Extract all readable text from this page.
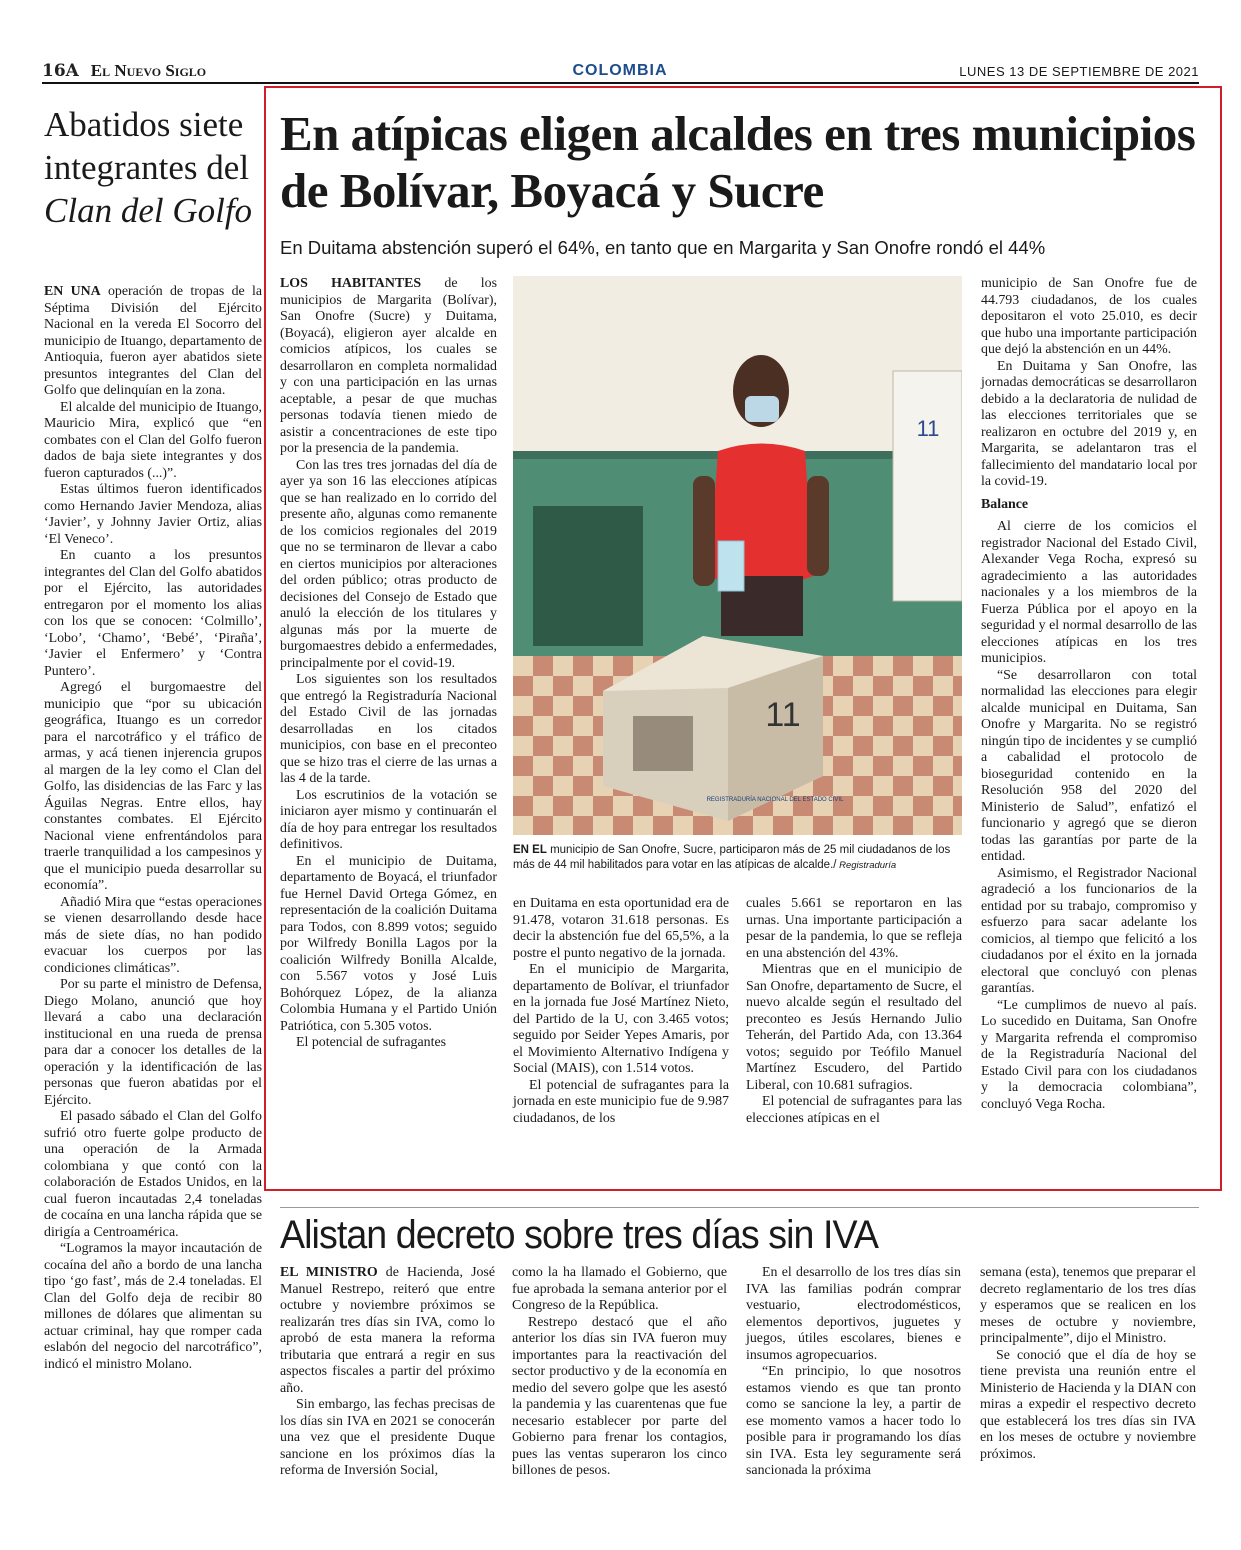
16A El Nuevo Siglo	COLOMBIA	LUNES 13 DE SEPTIEMBRE DE 2021
Abatidos siete integrantes del Clan del Golfo

EN UNA operación de tropas de la Séptima División del Ejército Nacional en la vereda El Socorro del municipio de Ituango, departamento de Antioquia, fueron ayer abatidos siete presuntos integrantes del Clan del Golfo que delinquían en la zona.

El alcalde del municipio de Ituango, Mauricio Mira, explicó que “en combates con el Clan del Golfo fueron dados de baja siete integrantes y dos fueron capturados (...)”.

Estas últimos fueron identificados como Hernando Javier Mendoza, alias ‘Javier’, y Johnny Javier Ortiz, alias ‘El Veneco’.

En cuanto a los presuntos integrantes del Clan del Golfo abatidos por el Ejército, las autoridades entregaron por el momento los alias con los que se conocen: ‘Colmillo’, ‘Lobo’, ‘Chamo’, ‘Bebé’, ‘Piraña’, ‘Javier el Enfermero’ y ‘Contra Puntero’.

Agregó el burgomaestre del municipio que “por su ubicación geográfica, Ituango es un corredor para el narcotráfico y el tráfico de armas, y acá tienen injerencia grupos al margen de la ley como el Clan del Golfo, las disidencias de las Farc y las Águilas Negras. Entre ellos, hay constantes combates. El Ejército Nacional viene enfrentándolos para traerle tranquilidad a los campesinos y que el municipio pueda desarrollar su economía”.

Añadió Mira que “estas operaciones se vienen desarrollando desde hace más de siete días, no han podido evacuar los cuerpos por las condiciones climáticas”.

Por su parte el ministro de Defensa, Diego Molano, anunció que hoy llevará a cabo una declaración institucional en una rueda de prensa para dar a conocer los detalles de la operación y la identificación de las personas que fueron abatidas por el Ejército.

El pasado sábado el Clan del Golfo sufrió otro fuerte golpe producto de una operación de la Armada colombiana y que contó con la colaboración de Estados Unidos, en la cual fueron incautadas 2,4 toneladas de cocaína en una lancha rápida que se dirigía a Centroamérica.

“Logramos la mayor incautación de cocaína del año a bordo de una lancha tipo ‘go fast’, más de 2.4 toneladas. El Clan del Golfo deja de recibir 80 millones de dólares que alimentan su actuar criminal, hay que romper cada eslabón del negocio del narcotráfico”, indicó el ministro Molano.

En atípicas eligen alcaldes en tres municipios de Bolívar, Boyacá y Sucre
En Duitama abstención superó el 64%, en tanto que en Margarita y San Onofre rondó el 44%

LOS HABITANTES de los municipios de Margarita (Bolívar), San Onofre (Sucre) y Duitama, (Boyacá), eligieron ayer alcalde en comicios atípicos, los cuales se desarrollaron en completa normalidad y con una participación en las urnas aceptable, a pesar de que muchas personas todavía tienen miedo de asistir a concentraciones de este tipo por la presencia de la pandemia.

Con las tres tres jornadas del día de ayer ya son 16 las elecciones atípicas que se han realizado en lo corrido del presente año, algunas como remanente de los comicios regionales del 2019 que no se terminaron de llevar a cabo en ciertos municipios por alteraciones del orden público; otras producto de decisiones del Consejo de Estado que anuló la elección de los titulares y algunas más por la muerte de burgomaestres debido a enfermedades, principalmente por el covid-19.

Los siguientes son los resultados que entregó la Registraduría Nacional del Estado Civil de las jornadas desarrolladas en los citados municipios, con base en el preconteo que se hizo tras el cierre de las urnas a las 4 de la tarde.

Los escrutinios de la votación se iniciaron ayer mismo y continuarán el día de hoy para entregar los resultados definitivos.

En el municipio de Duitama, departamento de Boyacá, el triunfador fue Hernel David Ortega Gómez, en representación de la coalición Duitama para Todos, con 8.899 votos; seguido por Wilfredy Bonilla Lagos por la coalición Wilfredy Bonilla Alcalde, con 5.567 votos y José Luis Bohórquez López, de la alianza Colombia Humana y el Partido Unión Patriótica, con 5.305 votos.

El potencial de sufragantes

11
11
REGISTRADURÍA NACIONAL DEL ESTADO CIVIL
EN EL municipio de San Onofre, Sucre, participaron más de 25 mil ciudadanos de los más de 44 mil habilitados para votar en las atípicas de alcalde./ Registraduría

en Duitama en esta oportunidad era de 91.478, votaron 31.618 personas. Es decir la abstención fue del 65,5%, a la postre el punto negativo de la jornada.

En el municipio de Margarita, departamento de Bolívar, el triunfador en la jornada fue José Martínez Nieto, del Partido de la U, con 3.465 votos; seguido por Seider Yepes Amaris, por el Movimiento Alternativo Indígena y Social (MAIS), con 1.514 votos.

El potencial de sufragantes para la jornada en este municipio fue de 9.987 ciudadanos, de los

cuales 5.661 se reportaron en las urnas. Una importante participación a pesar de la pandemia, lo que se refleja en una abstención del 43%.

Mientras que en el municipio de San Onofre, departamento de Sucre, el nuevo alcalde según el resultado del preconteo es Jesús Hernando Julio Teherán, del Partido Ada, con 13.364 votos; seguido por Teófilo Manuel Martínez Escudero, del Partido Liberal, con 10.681 sufragios.

El potencial de sufragantes para las elecciones atípicas en el

municipio de San Onofre fue de 44.793 ciudadanos, de los cuales depositaron el voto 25.010, es decir que hubo una importante participación que dejó la abstención en un 44%.

En Duitama y San Onofre, las jornadas democráticas se desarrollaron debido a la declaratoria de nulidad de las elecciones territoriales que se realizaron en octubre del 2019 y, en Margarita, se adelantaron tras el fallecimiento del mandatario local por la covid-19.

Balance

Al cierre de los comicios el registrador Nacional del Estado Civil, Alexander Vega Rocha, expresó su agradecimiento a las autoridades nacionales y a los miembros de la Fuerza Pública por el apoyo en la seguridad y el normal desarrollo de las elecciones atípicas en los tres municipios.

“Se desarrollaron con total normalidad las elecciones para elegir alcalde municipal en Duitama, San Onofre y Margarita. No se registró ningún tipo de incidentes y se cumplió a cabalidad el protocolo de bioseguridad contenido en la Resolución 958 del 2020 del Ministerio de Salud”, enfatizó el funcionario y agregó que se dieron todas las garantías por parte de la entidad.

Asimismo, el Registrador Nacional agradeció a los funcionarios de la entidad por su trabajo, compromiso y esfuerzo para sacar adelante los comicios, al tiempo que felicitó a los ciudadanos por el éxito en la jornada electoral que concluyó con plenas garantías.

“Le cumplimos de nuevo al país. Lo sucedido en Duitama, San Onofre y Margarita refrenda el compromiso de la Registraduría Nacional del Estado Civil para con los ciudadanos y la democracia colombiana”, concluyó Vega Rocha.

Alistan decreto sobre tres días sin IVA

EL MINISTRO de Hacienda, José Manuel Restrepo, reiteró que entre octubre y noviembre próximos se realizarán tres días sin IVA, como lo aprobó de esta manera la reforma tributaria que entrará a regir en sus aspectos fiscales a partir del próximo año.

Sin embargo, las fechas precisas de los días sin IVA en 2021 se conocerán una vez que el presidente Duque sancione en los próximos días la reforma de Inversión Social,

como la ha llamado el Gobierno, que fue aprobada la semana anterior por el Congreso de la República.

Restrepo destacó que el año anterior los días sin IVA fueron muy importantes para la reactivación del sector productivo y de la economía en medio del severo golpe que les asestó la pandemia y las cuarentenas que fue necesario establecer por parte del Gobierno para frenar los contagios, pues las ventas superaron los cinco billones de pesos.

En el desarrollo de los tres días sin IVA las familias podrán comprar vestuario, electrodomésticos, elementos deportivos, juguetes y juegos, útiles escolares, bienes e insumos agropecuarios.

“En principio, lo que nosotros estamos viendo es que tan pronto como se sancione la ley, a partir de ese momento vamos a hacer todo lo posible para ir programando los días sin IVA. Esta ley seguramente será sancionada la próxima

semana (esta), tenemos que preparar el decreto reglamentario de los tres días y esperamos que se realicen en los meses de octubre y noviembre, principalmente”, dijo el Ministro.

Se conoció que el día de hoy se tiene prevista una reunión entre el Ministerio de Hacienda y la DIAN con miras a expedir el respectivo decreto que establecerá los tres días sin IVA en los meses de octubre y noviembre próximos.
